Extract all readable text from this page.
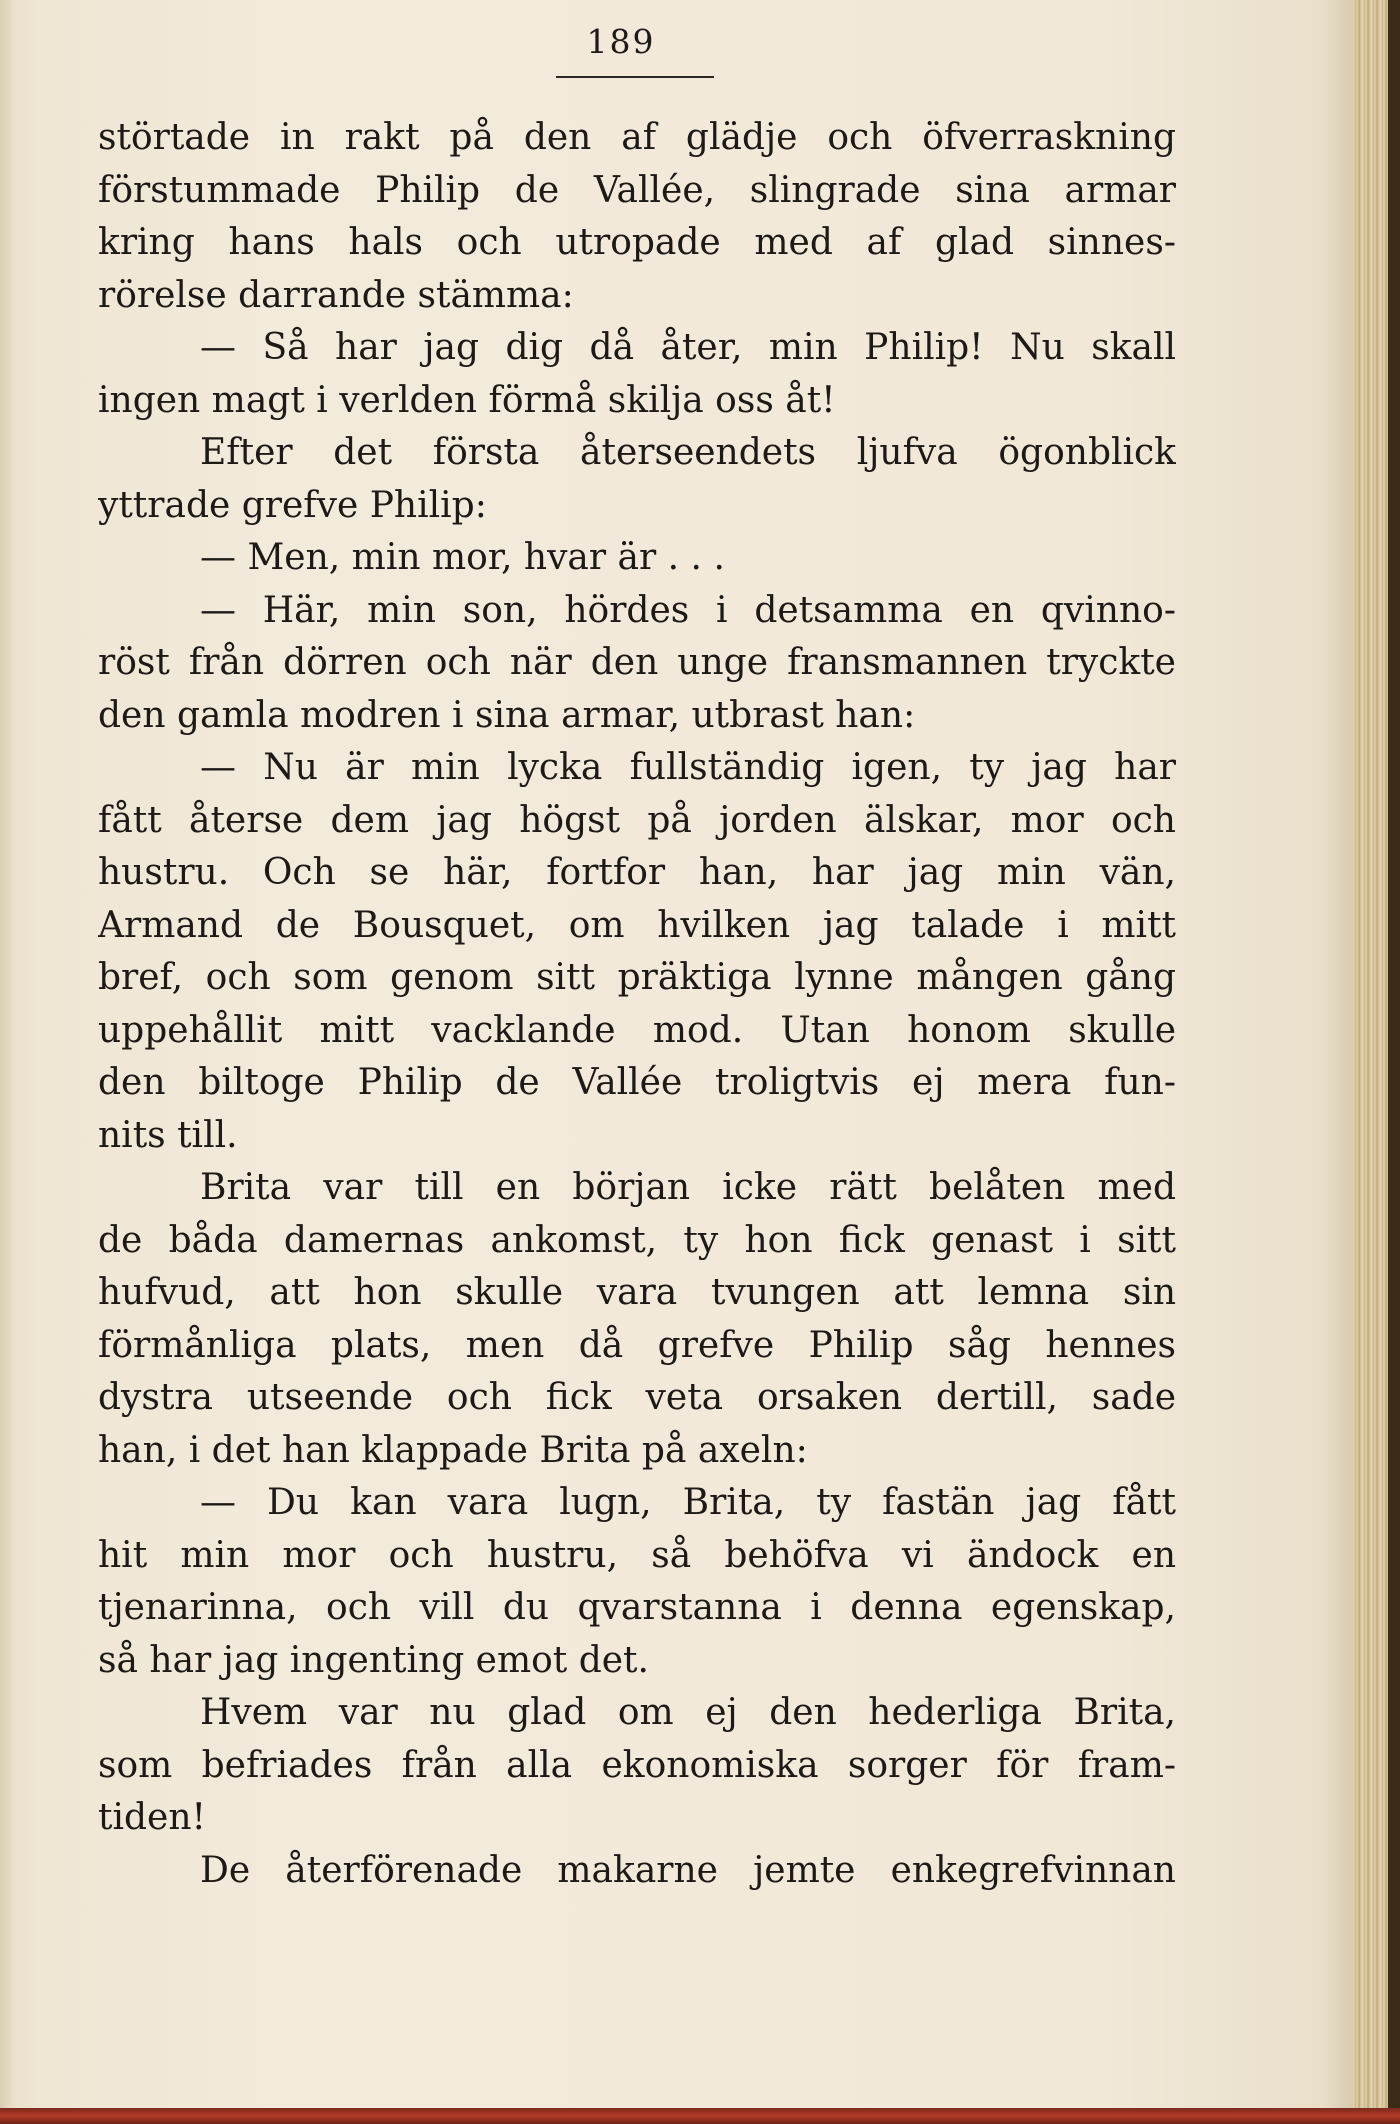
189
störtade in rakt på den af glädje och öfverraskning
förstummade Philip de Vallée, slingrade sina armar
kring hans hals och utropade med af glad sinnes-
rörelse darrande stämma:
— Så har jag dig då åter, min Philip! Nu skall
ingen magt i verlden förmå skilja oss åt!
Efter det första återseendets ljufva ögonblick
yttrade grefve Philip:
— Men, min mor, hvar är . . .
— Här, min son, hördes i detsamma en qvinno-
röst från dörren och när den unge fransmannen tryckte
den gamla modren i sina armar, utbrast han:
— Nu är min lycka fullständig igen, ty jag har
fått återse dem jag högst på jorden älskar, mor och
hustru. Och se här, fortfor han, har jag min vän,
Armand de Bousquet, om hvilken jag talade i mitt
bref, och som genom sitt präktiga lynne mången gång
uppehållit mitt vacklande mod. Utan honom skulle
den biltoge Philip de Vallée troligtvis ej mera fun-
nits till.
Brita var till en början icke rätt belåten med
de båda damernas ankomst, ty hon fick genast i sitt
hufvud, att hon skulle vara tvungen att lemna sin
förmånliga plats, men då grefve Philip såg hennes
dystra utseende och fick veta orsaken dertill, sade
han, i det han klappade Brita på axeln:
— Du kan vara lugn, Brita, ty fastän jag fått
hit min mor och hustru, så behöfva vi ändock en
tjenarinna, och vill du qvarstanna i denna egenskap,
så har jag ingenting emot det.
Hvem var nu glad om ej den hederliga Brita,
som befriades från alla ekonomiska sorger för fram-
tiden!
De återförenade makarne jemte enkegrefvinnan
